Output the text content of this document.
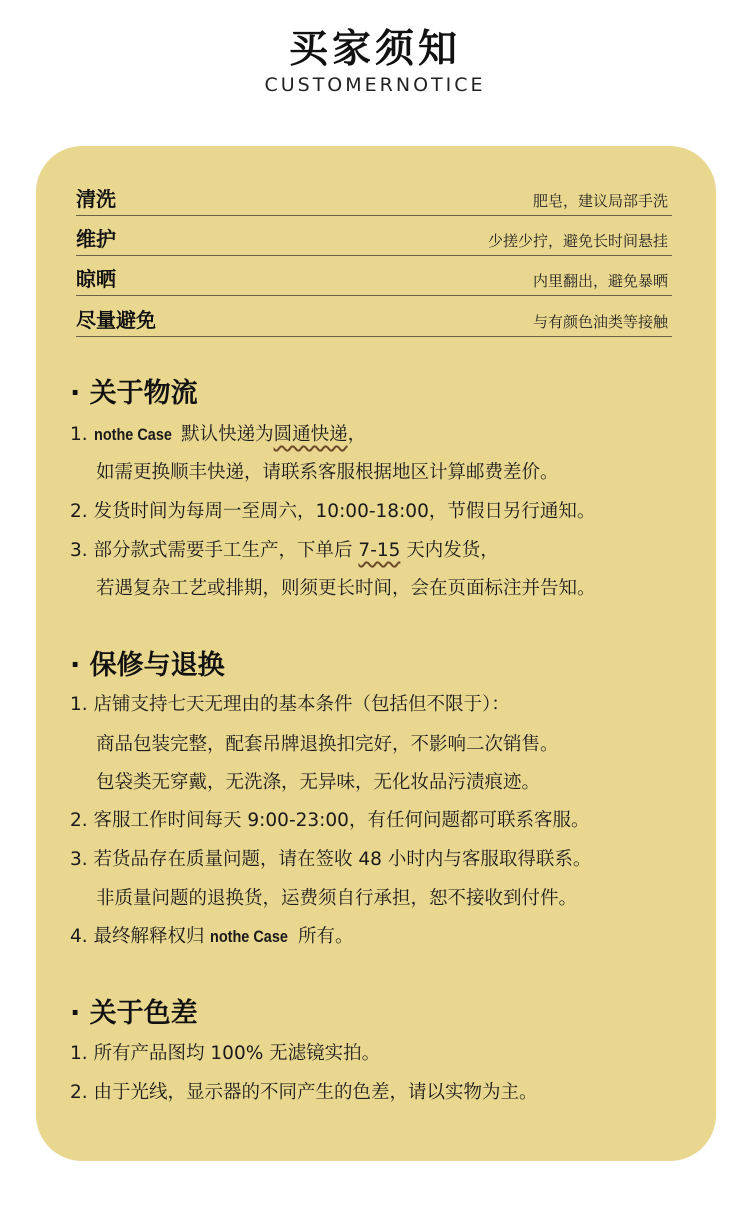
买家须知
CUSTOMERNOTICE
清洗	肥皂，建议局部手洗
维护	少搓少拧，避免长时间悬挂
晾晒	内里翻出，避免暴晒
尽量避免	与有颜色油类等接触
· 关于物流
1. nothe Case 默认快递为圆通快递，
如需更换顺丰快递，请联系客服根据地区计算邮费差价。
2. 发货时间为每周一至周六，10:00-18:00，节假日另行通知。
3. 部分款式需要手工生产，下单后 7-15 天内发货，
若遇复杂工艺或排期，则须更长时间，会在页面标注并告知。
· 保修与退换
1. 店铺支持七天无理由的基本条件（包括但不限于）：
商品包装完整，配套吊牌退换扣完好，不影响二次销售。
包袋类无穿戴，无洗涤，无异味，无化妆品污渍痕迹。
2. 客服工作时间每天 9:00-23:00，有任何问题都可联系客服。
3. 若货品存在质量问题，请在签收 48 小时内与客服取得联系。
非质量问题的退换货，运费须自行承担，恕不接收到付件。
4. 最终解释权归 nothe Case 所有。
· 关于色差
1. 所有产品图均 100% 无滤镜实拍。
2. 由于光线，显示器的不同产生的色差，请以实物为主。
